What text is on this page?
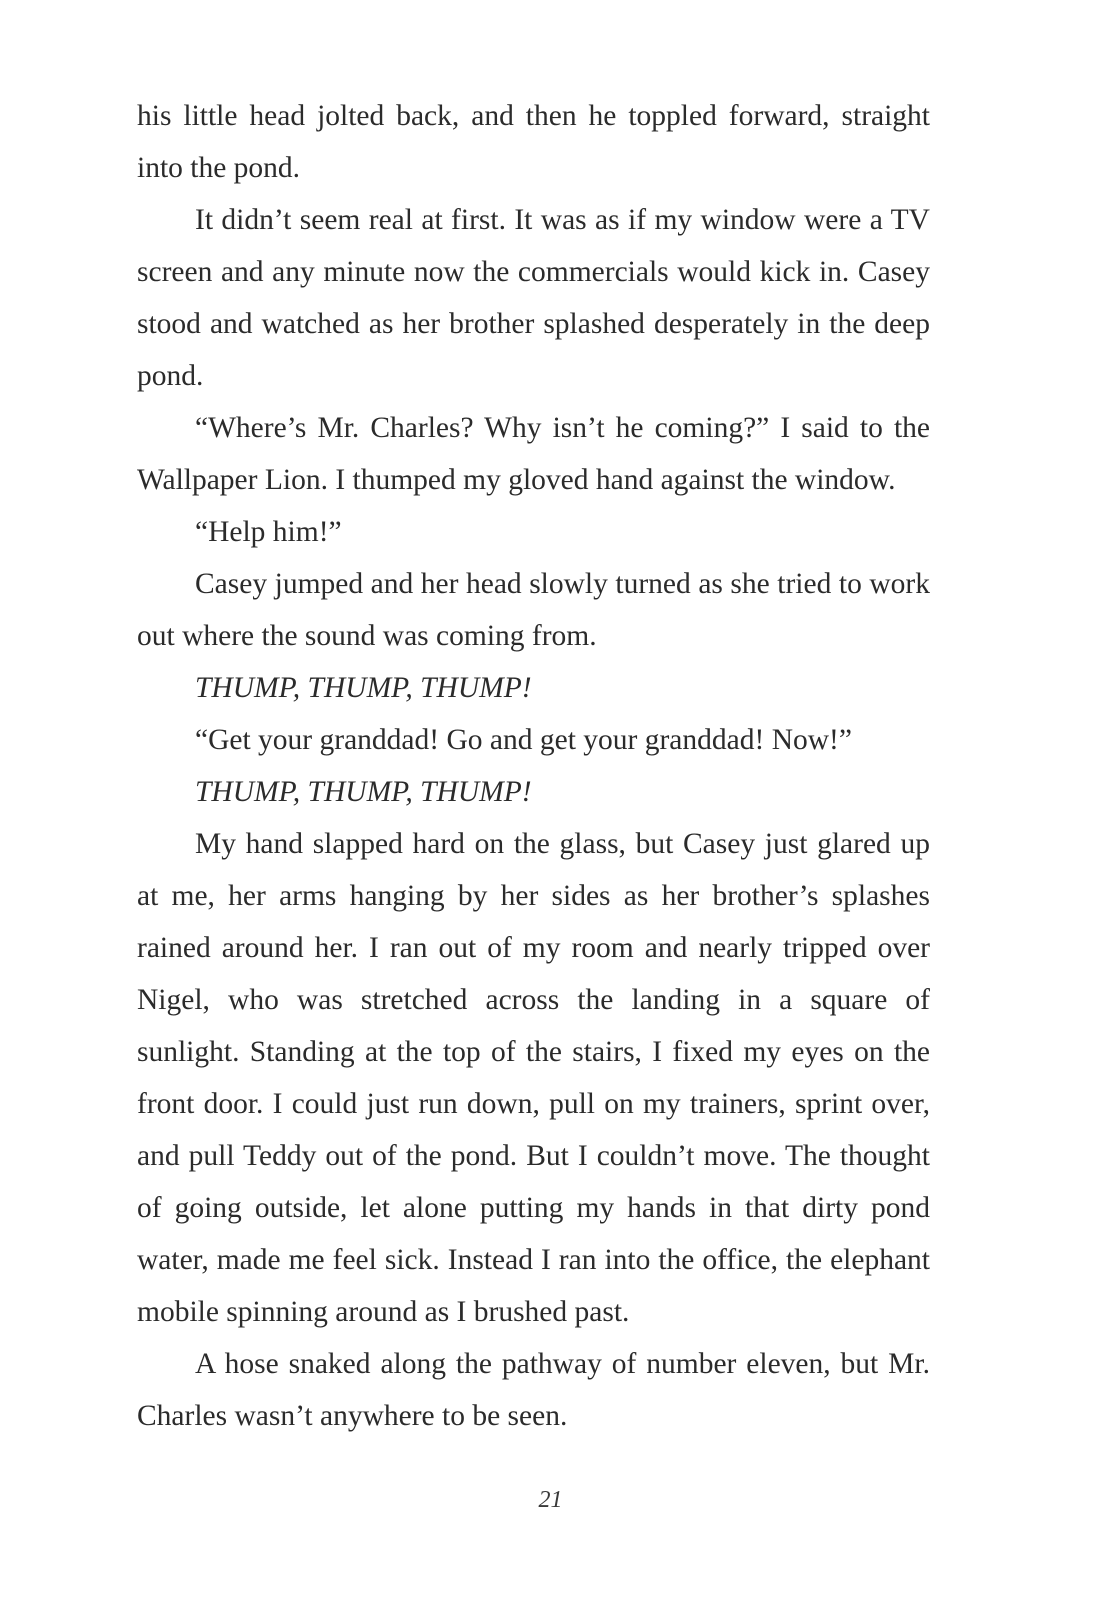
his little head jolted back, and then he toppled forward, straight into the pond.

It didn’t seem real at first. It was as if my window were a TV screen and any minute now the commercials would kick in. Casey stood and watched as her brother splashed desperately in the deep pond.

“Where’s Mr. Charles? Why isn’t he coming?” I said to the Wallpaper Lion. I thumped my gloved hand against the window.

“Help him!”

Casey jumped and her head slowly turned as she tried to work out where the sound was coming from.

THUMP, THUMP, THUMP!

“Get your granddad! Go and get your granddad! Now!”

THUMP, THUMP, THUMP!

My hand slapped hard on the glass, but Casey just glared up at me, her arms hanging by her sides as her brother’s splashes rained around her. I ran out of my room and nearly tripped over Nigel, who was stretched across the landing in a square of sunlight. Standing at the top of the stairs, I fixed my eyes on the front door. I could just run down, pull on my trainers, sprint over, and pull Teddy out of the pond. But I couldn’t move. The thought of going outside, let alone putting my hands in that dirty pond water, made me feel sick. Instead I ran into the office, the elephant mobile spinning around as I brushed past.

A hose snaked along the pathway of number eleven, but Mr. Charles wasn’t anywhere to be seen.

21
